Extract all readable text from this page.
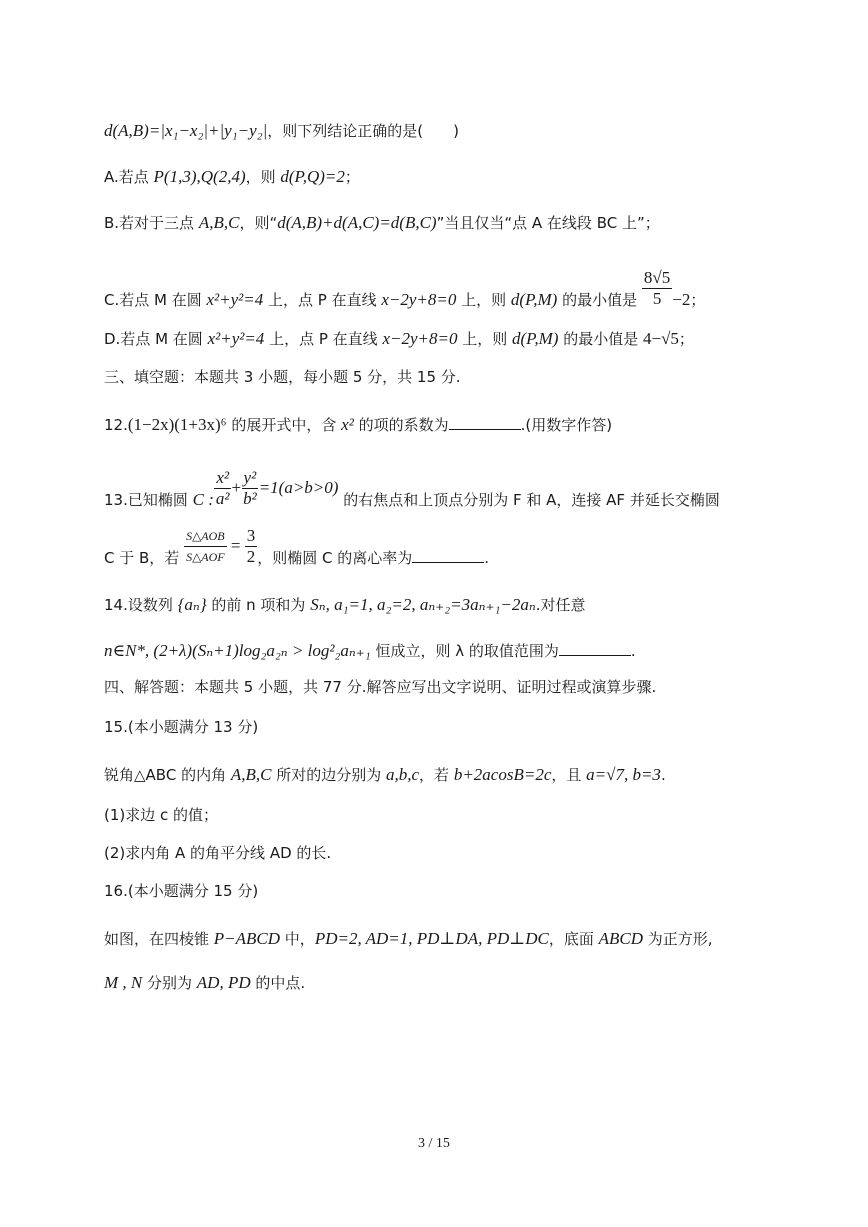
d(A,B)=|x₁−x₂|+|y₁−y₂|，则下列结论正确的是(　　)
A.若点 P(1,3),Q(2,4)，则 d(P,Q)=2；
B.若对于三点 A,B,C，则“d(A,B)+d(A,C)=d(B,C)”当且仅当“点 A 在线段 BC 上”；
C.若点 M 在圆 x²+y²=4 上，点 P 在直线 x−2y+8=0 上，则 d(P,M) 的最小值是 $\frac{8√5}{5} -2$；
D.若点 M 在圆 x²+y²=4 上，点 P 在直线 x−2y+8=0 上，则 d(P,M) 的最小值是 4−√5；
三、填空题：本题共 3 小题，每小题 5 分，共 15 分.
12.(1−2x)(1+3x)⁶ 的展开式中，含 x² 的项的系数为	.(用数字作答)
13.已知椭圆 C : $\frac{\text{x²}}{\text{a²}} + \frac{\text{y²}}{\text{b²}} =1(a>b>0)$ 的右焦点和上顶点分别为 F 和 A，连接 AF 并延长交椭圆
C 于 B，若 $\frac{\text{S△AOB}}{\text{S△AOF}} = \frac{3}{2}$ ，则椭圆 C 的离心率为	.
14.设数列 {aₙ} 的前 n 项和为 Sₙ, a₁=1, a₂=2, aₙ₊₂=3aₙ₊₁−2aₙ.对任意
n∈N*, (2+λ)(Sₙ+1)log₂a₂ₙ > log²₂aₙ₊₁ 恒成立，则 λ 的取值范围为	.
四、解答题：本题共 5 小题，共 77 分.解答应写出文字说明、证明过程或演算步骤.
15.(本小题满分 13 分)
锐角△ABC 的内角 A,B,C 所对的边分别为 a,b,c，若 b+2acosB=2c，且 a=√7, b=3.
(1)求边 c 的值；
(2)求内角 A 的角平分线 AD 的长.
16.(本小题满分 15 分)
如图，在四棱锥 P−ABCD 中，PD=2, AD=1, PD⊥DA, PD⊥DC，底面 ABCD 为正方形,
M , N 分别为 AD, PD 的中点.
3 / 15
